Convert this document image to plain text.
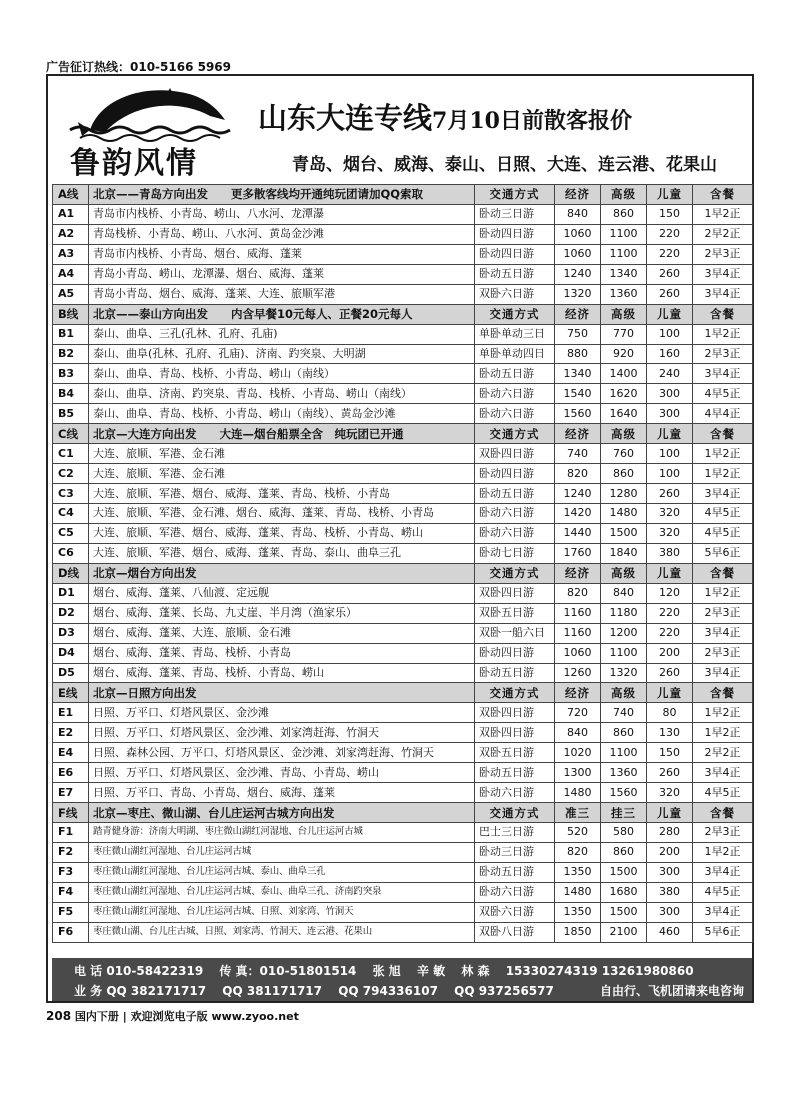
广告征订热线：010-5166 5969
鲁韵风情
山东大连专线7月10日前散客报价
青岛、烟台、威海、泰山、日照、大连、连云港、花果山
A线	北京——青岛方向出发　　更多散客线均开通纯玩团请加QQ索取	交通方式	经济	高级	儿童	含餐
A1	青岛市内栈桥、小青岛、崂山、八水河、龙潭瀑	卧动三日游	840	860	150	1早2正
A2	青岛栈桥、小青岛、崂山、八水河、黄岛金沙滩	卧动四日游	1060	1100	220	2早2正
A3	青岛市内栈桥、小青岛、烟台、威海、蓬莱	卧动四日游	1060	1100	220	2早3正
A4	青岛小青岛、崂山、龙潭瀑、烟台、威海、蓬莱	卧动五日游	1240	1340	260	3早4正
A5	青岛小青岛、烟台、威海、蓬莱、大连、旅顺军港	双卧六日游	1320	1360	260	3早4正
B线	北京——泰山方向出发　　内含早餐10元每人、正餐20元每人	交通方式	经济	高级	儿童	含餐
B1	泰山、曲阜、三孔(孔林、孔府、孔庙)	单卧单动三日	750	770	100	1早2正
B2	泰山、曲阜(孔林、孔府、孔庙)、济南、趵突泉、大明湖	单卧单动四日	880	920	160	2早3正
B3	泰山、曲阜、青岛、栈桥、小青岛、崂山（南线）	卧动五日游	1340	1400	240	3早4正
B4	泰山、曲阜、济南、趵突泉、青岛、栈桥、小青岛、崂山（南线）	卧动六日游	1540	1620	300	4早5正
B5	泰山、曲阜、青岛、栈桥、小青岛、崂山（南线）、黄岛金沙滩	卧动六日游	1560	1640	300	4早4正
C线	北京—大连方向出发　　大连—烟台船票全含　纯玩团已开通	交通方式	经济	高级	儿童	含餐
C1	大连、旅顺、军港、金石滩	双卧四日游	740	760	100	1早2正
C2	大连、旅顺、军港、金石滩	卧动四日游	820	860	100	1早2正
C3	大连、旅顺、军港、烟台、威海、蓬莱、青岛、栈桥、小青岛	卧动五日游	1240	1280	260	3早4正
C4	大连、旅顺、军港、金石滩、烟台、威海、蓬莱、青岛、栈桥、小青岛	卧动六日游	1420	1480	320	4早5正
C5	大连、旅顺、军港、烟台、威海、蓬莱、青岛、栈桥、小青岛、崂山	卧动六日游	1440	1500	320	4早5正
C6	大连、旅顺、军港、烟台、威海、蓬莱、青岛、泰山、曲阜三孔	卧动七日游	1760	1840	380	5早6正
D线	北京—烟台方向出发	交通方式	经济	高级	儿童	含餐
D1	烟台、威海、蓬莱、八仙渡、定远舰	双卧四日游	820	840	120	1早2正
D2	烟台、威海、蓬莱、长岛、九丈崖、半月湾（渔家乐）	双卧五日游	1160	1180	220	2早3正
D3	烟台、威海、蓬莱、大连、旅顺、金石滩	双卧一船六日	1160	1200	220	3早4正
D4	烟台、威海、蓬莱、青岛、栈桥、小青岛	卧动四日游	1060	1100	200	2早3正
D5	烟台、威海、蓬莱、青岛、栈桥、小青岛、崂山	卧动五日游	1260	1320	260	3早4正
E线	北京—日照方向出发	交通方式	经济	高级	儿童	含餐
E1	日照、万平口、灯塔风景区、金沙滩	双卧四日游	720	740	80	1早2正
E2	日照、万平口、灯塔风景区、金沙滩、刘家湾赶海、竹洞天	双卧四日游	840	860	130	1早2正
E4	日照、森林公园、万平口、灯塔风景区、金沙滩、刘家湾赶海、竹洞天	双卧五日游	1020	1100	150	2早2正
E6	日照、万平口、灯塔风景区、金沙滩、青岛、小青岛、崂山	卧动五日游	1300	1360	260	3早4正
E7	日照、万平口、青岛、小青岛、烟台、威海、蓬莱	卧动六日游	1480	1560	320	4早5正
F线	北京—枣庄、微山湖、台儿庄运河古城方向出发	交通方式	准三	挂三	儿童	含餐
F1	踏青健身游：济南大明湖、枣庄微山湖红河湿地、台儿庄运河古城	巴士三日游	520	580	280	2早3正
F2	枣庄微山湖红河湿地、台儿庄运河古城	卧动三日游	820	860	200	1早2正
F3	枣庄微山湖红河湿地、台儿庄运河古城、泰山、曲阜三孔	卧动五日游	1350	1500	300	3早4正
F4	枣庄微山湖红河湿地、台儿庄运河古城、泰山、曲阜三孔、济南趵突泉	卧动六日游	1480	1680	380	4早5正
F5	枣庄微山湖红河湿地、台儿庄运河古城、日照、刘家湾、竹洞天	双卧六日游	1350	1500	300	3早4正
F6	枣庄微山湖、台儿庄古城、日照、刘家湾、竹洞天、连云港、花果山	双卧八日游	1850	2100	460	5早6正
电 话 010-58422319 传 真：010-51801514 张 旭 辛 敏 林 森 15330274319 13261980860
业 务 QQ 382171717 QQ 381171717 QQ 794336107 QQ 937256577	自由行、飞机团请来电咨询
208 国内下册 | 欢迎浏览电子版 www.zyoo.net
